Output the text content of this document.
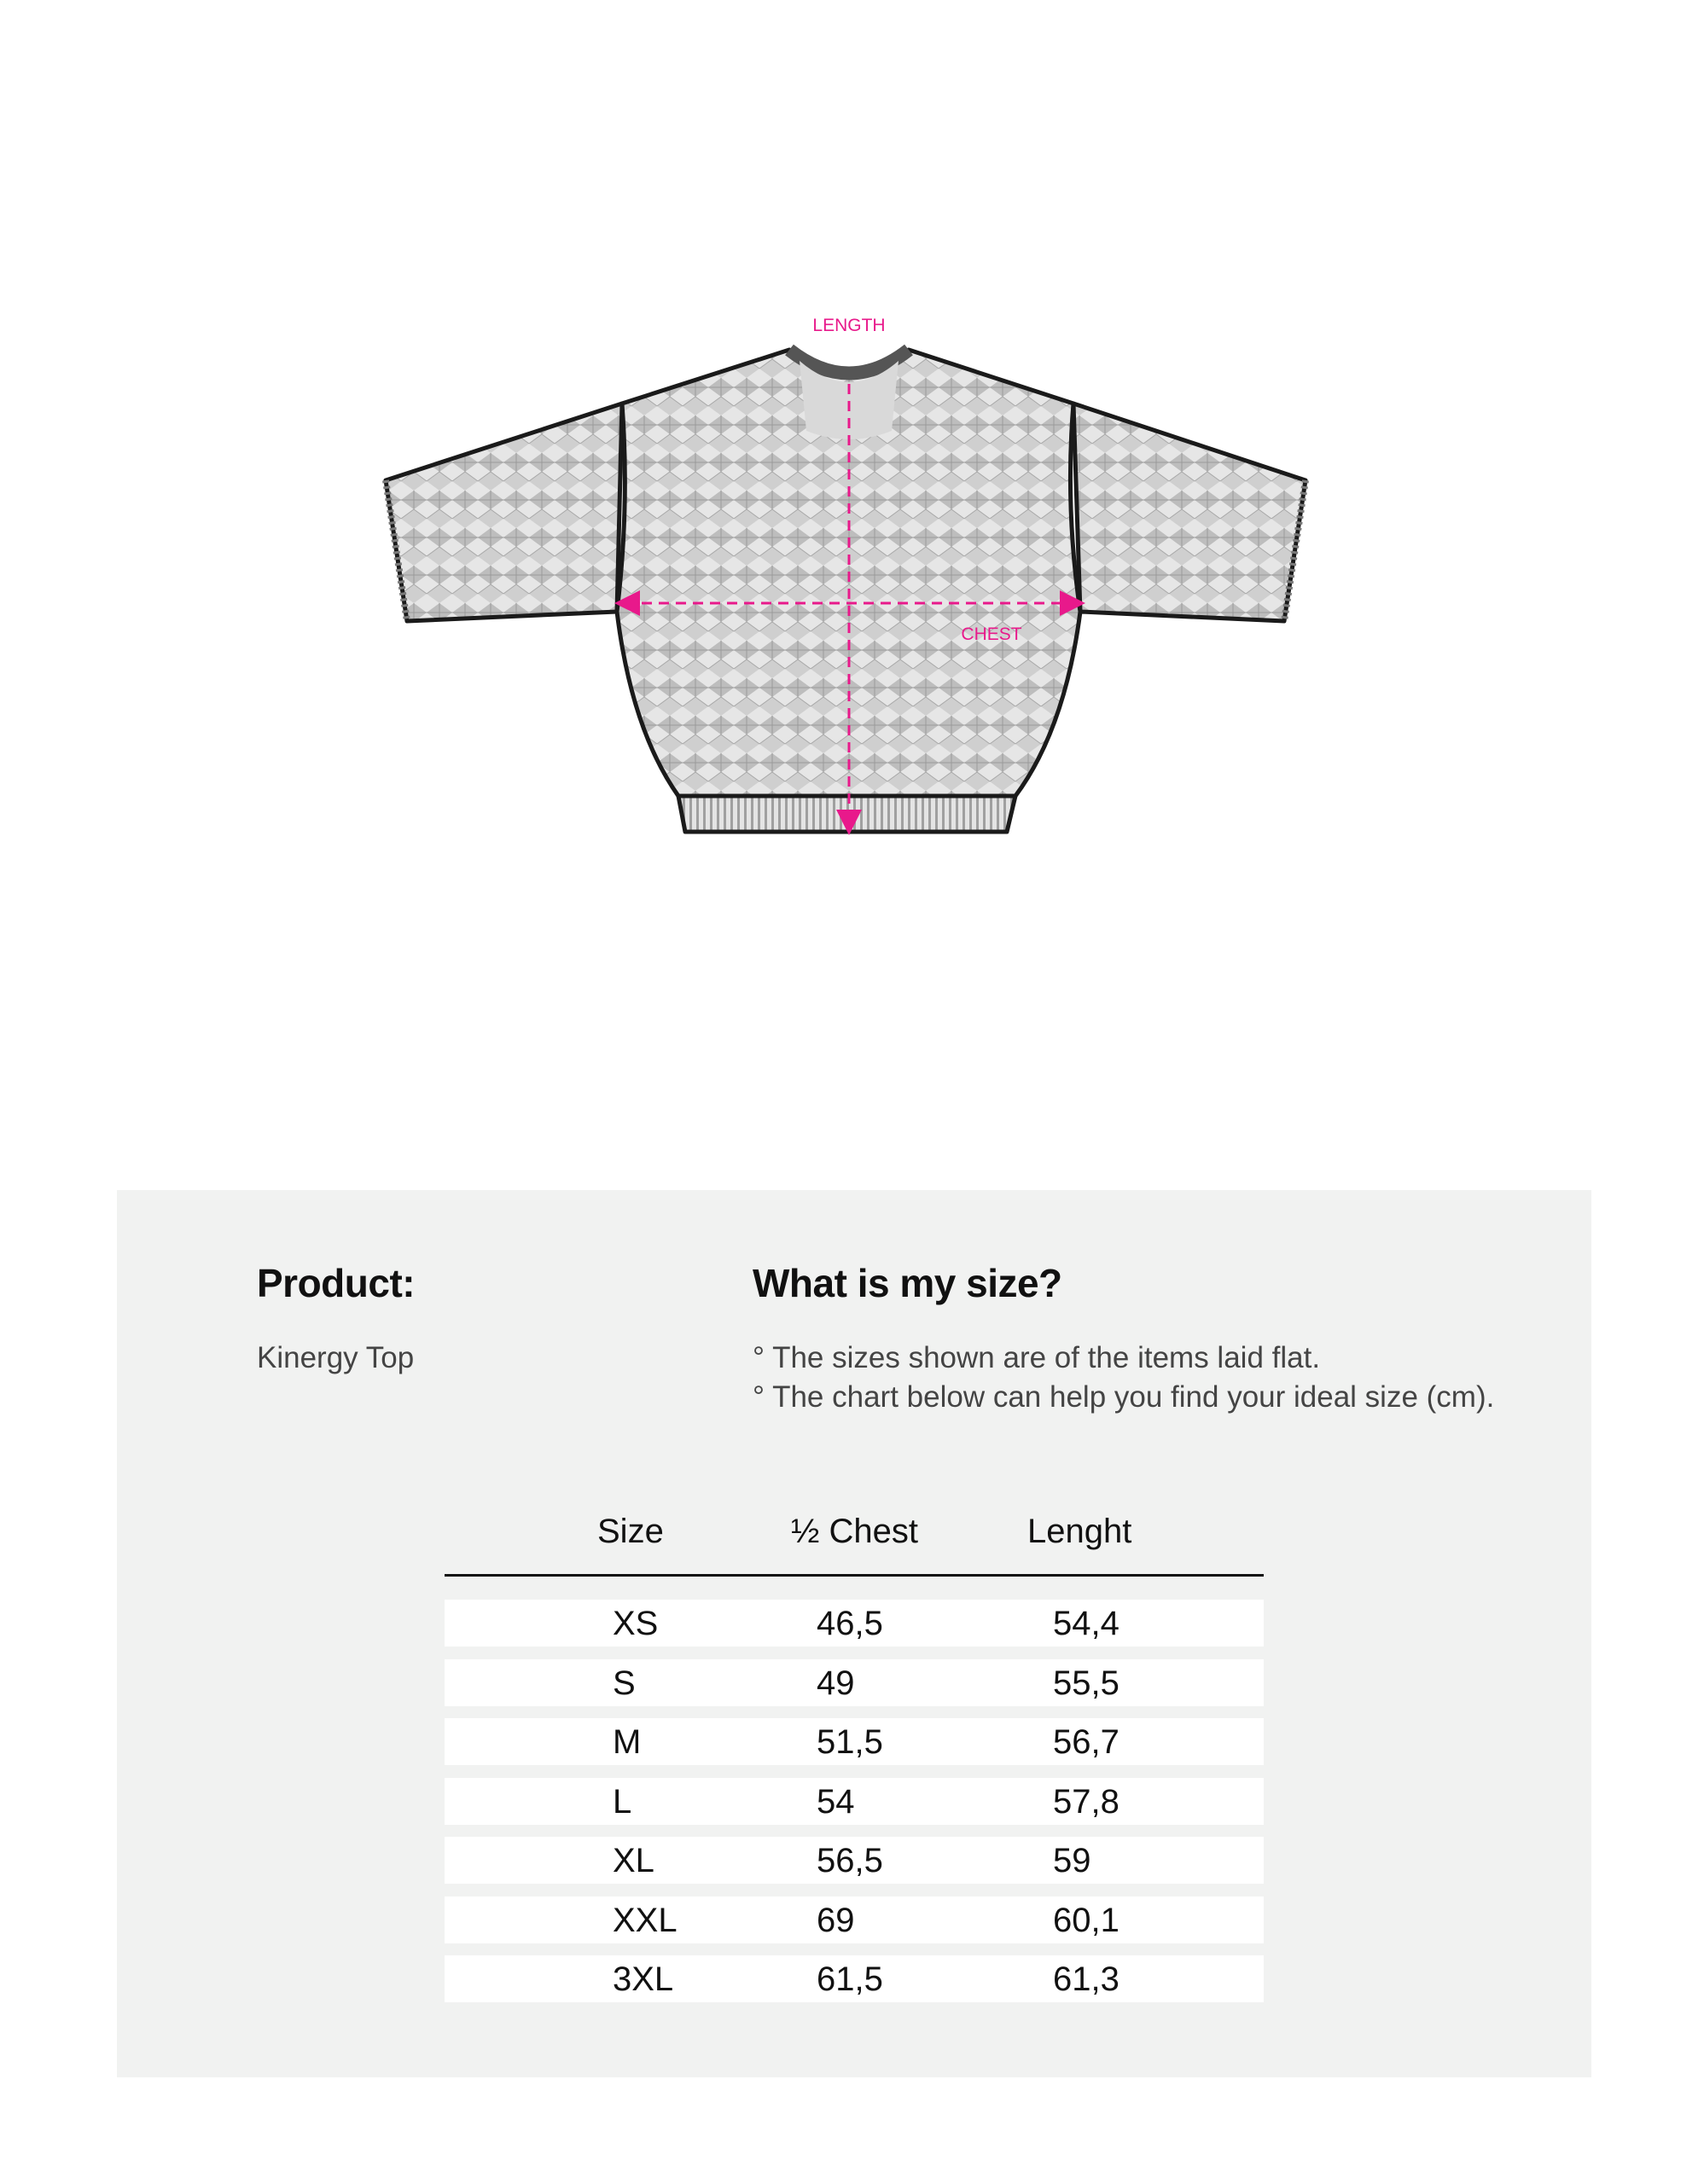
LENGTH
CHEST
Product:
Kinergy Top
What is my size?
° The sizes shown are of the items laid flat.
° The chart below can help you find your ideal size (cm).
Size	½ Chest	Lenght
XS	46,5	54,4
S	49	55,5
M	51,5	56,7
L	54	57,8
XL	56,5	59
XXL	69	60,1
3XL	61,5	61,3
